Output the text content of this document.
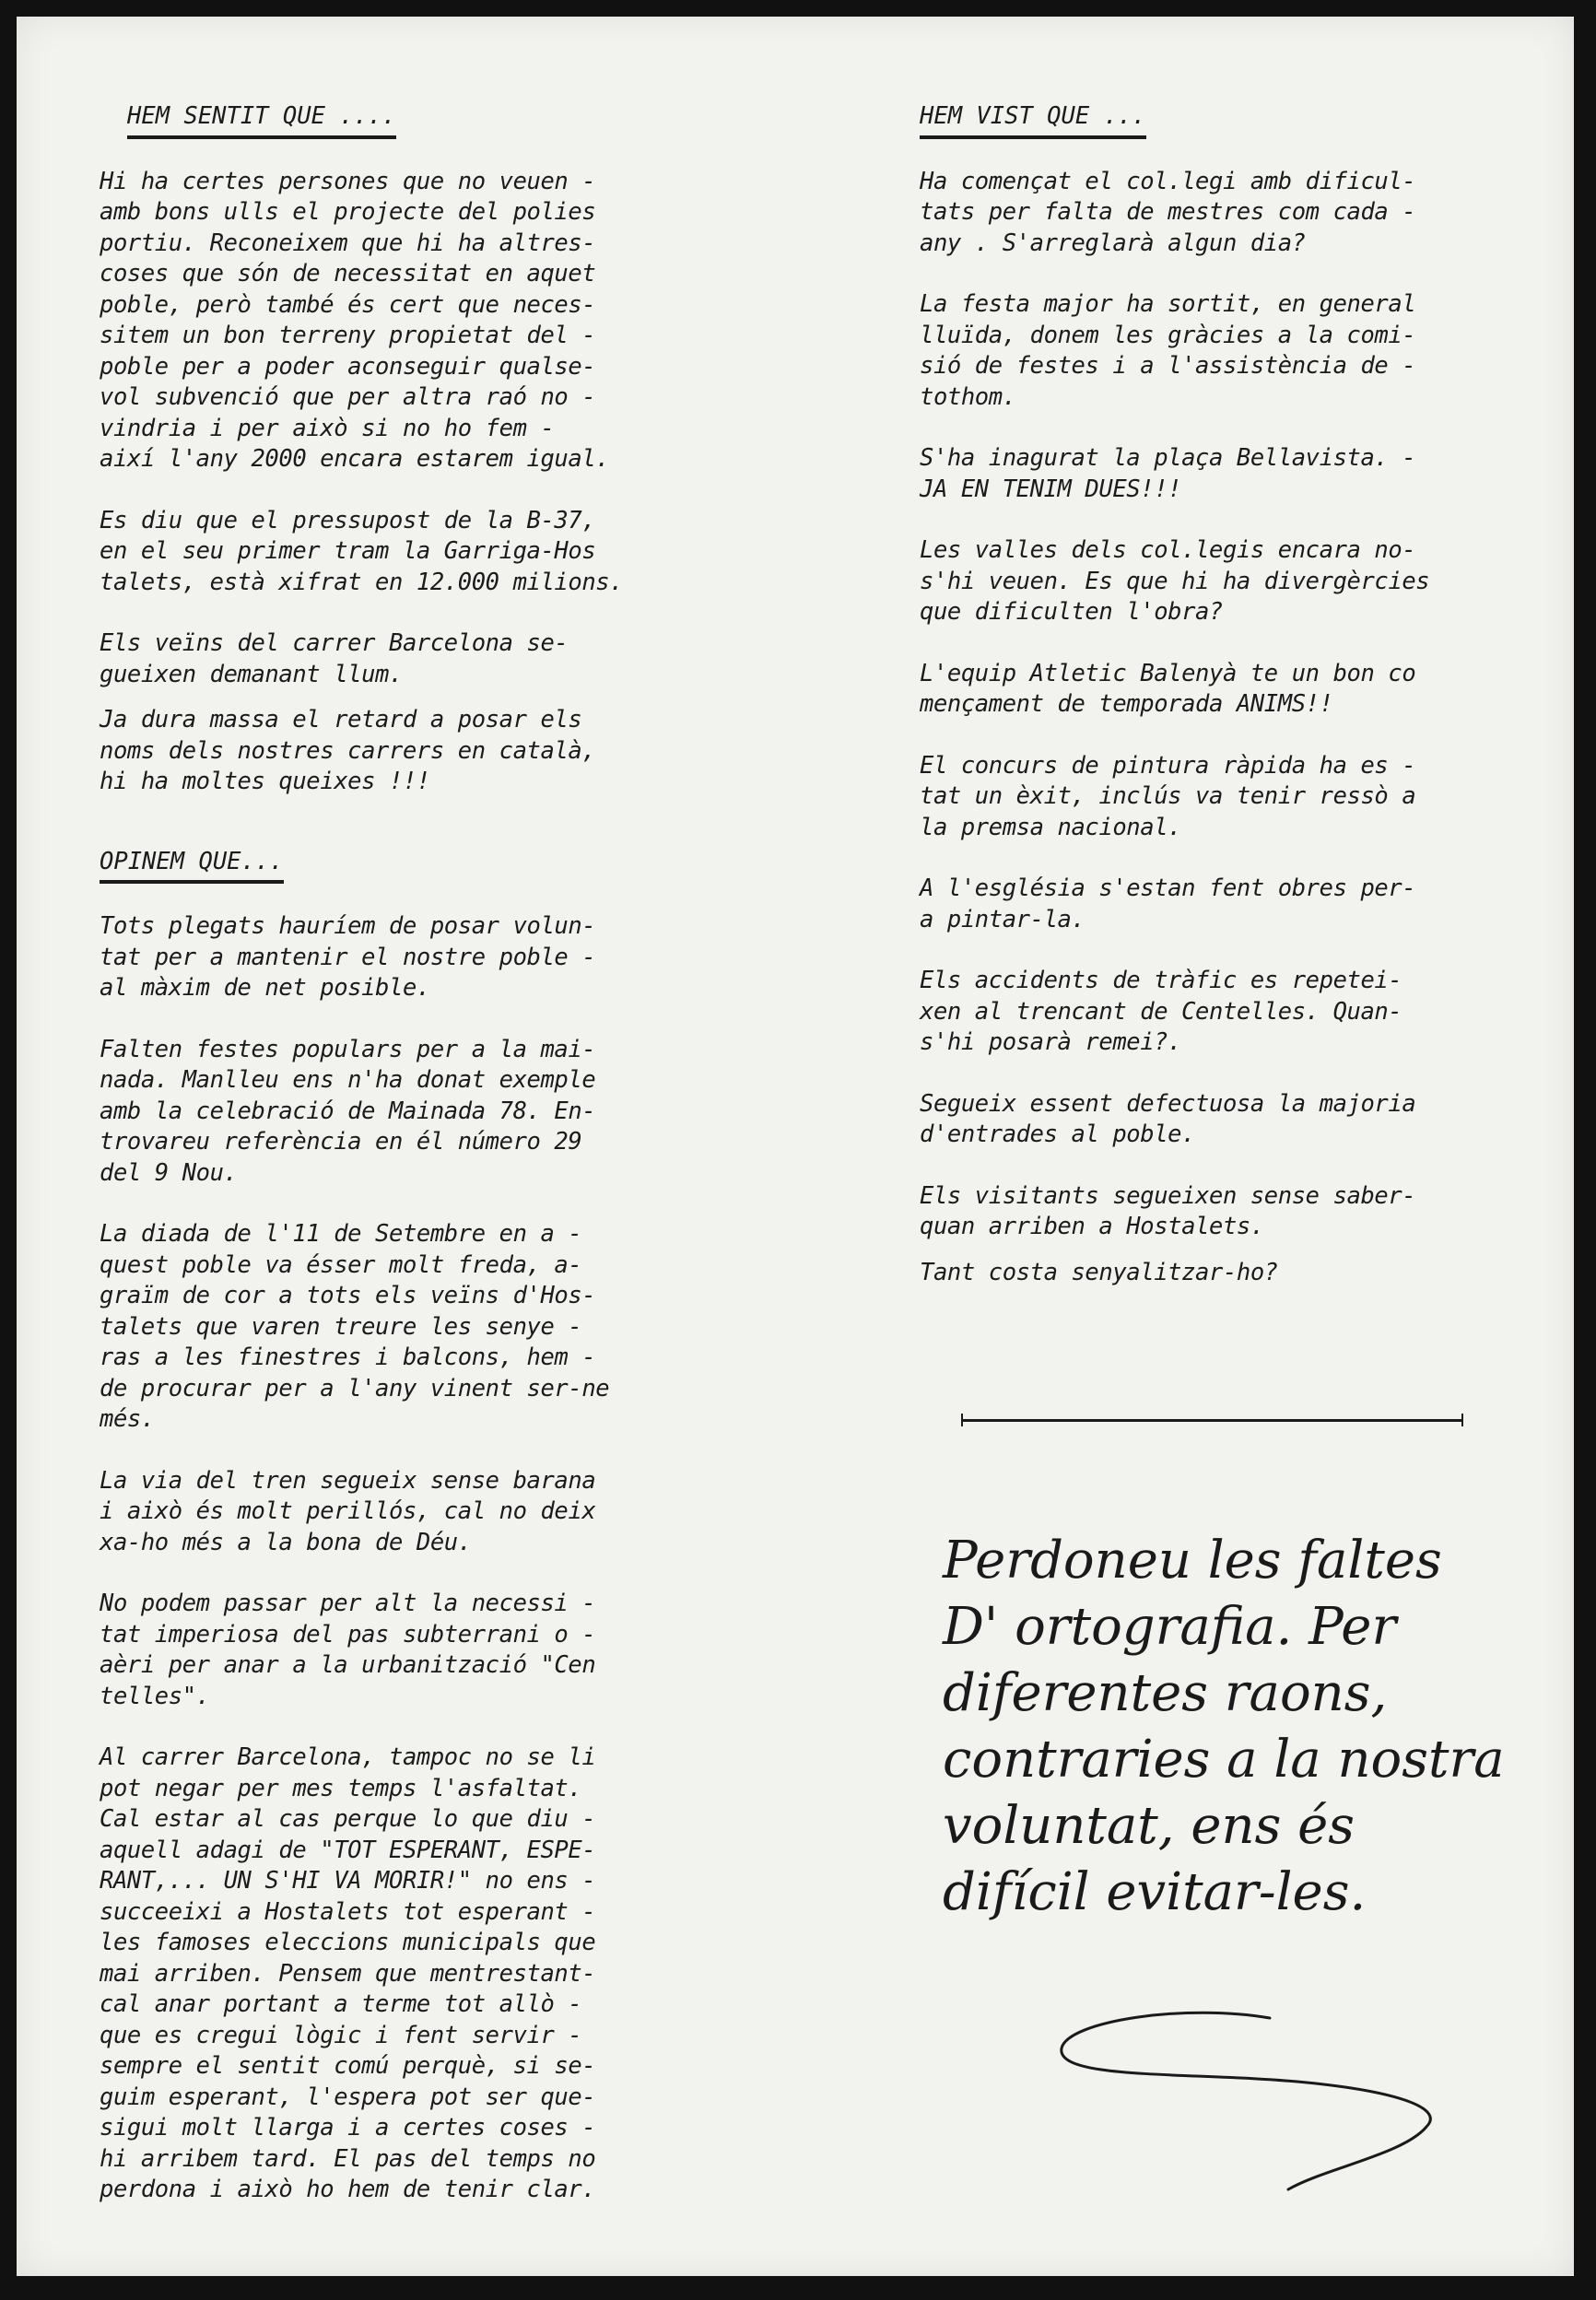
HEM SENTIT QUE ....
Hi ha certes persones que no veuen -
amb bons ulls el projecte del polies
portiu. Reconeixem que hi ha altres-
coses que són de necessitat en aquet
poble, però també és cert que neces-
sitem un bon terreny propietat del -
poble per a poder aconseguir qualse-
vol subvenció que per altra raó no -
vindria i per això si no ho fem -
així l'any 2000 encara estarem igual.
Es diu que el pressupost de la B-37,
en el seu primer tram la Garriga-Hos
talets, està xifrat en 12.000 milions.
Els veïns del carrer Barcelona se-
gueixen demanant llum.
Ja dura massa el retard a posar els
noms dels nostres carrers en català,
hi ha moltes queixes !!!
OPINEM QUE...
Tots plegats hauríem de posar volun-
tat per a mantenir el nostre poble -
al màxim de net posible.
Falten festes populars per a la mai-
nada. Manlleu ens n'ha donat exemple
amb la celebració de Mainada 78. En-
trovareu referència en él número 29
del 9 Nou.
La diada de l'11 de Setembre en a -
quest poble va ésser molt freda, a-
graïm de cor a tots els veïns d'Hos-
talets que varen treure les senye -
ras a les finestres i balcons, hem -
de procurar per a l'any vinent ser-ne
més.
La via del tren segueix sense barana
i això és molt perillós, cal no deix
xa-ho més a la bona de Déu.
No podem passar per alt la necessi -
tat imperiosa del pas subterrani o -
aèri per anar a la urbanització "Cen
telles".
Al carrer Barcelona, tampoc no se li
pot negar per mes temps l'asfaltat.
Cal estar al cas perque lo que diu -
aquell adagi de "TOT ESPERANT, ESPE-
RANT,... UN S'HI VA MORIR!" no ens -
succeeixi a Hostalets tot esperant -
les famoses eleccions municipals que
mai arriben. Pensem que mentrestant-
cal anar portant a terme tot allò -
que es cregui lògic i fent servir -
sempre el sentit comú perquè, si se-
guim esperant, l'espera pot ser que-
sigui molt llarga i a certes coses -
hi arribem tard. El pas del temps no
perdona i això ho hem de tenir clar.
HEM VIST QUE ...
Ha començat el col.legi amb dificul-
tats per falta de mestres com cada -
any . S'arreglarà algun dia?
La festa major ha sortit, en general
lluïda, donem les gràcies a la comi-
sió de festes i a l'assistència de -
tothom.
S'ha inagurat la plaça Bellavista. -
JA EN TENIM DUES!!!
Les valles dels col.legis encara no-
s'hi veuen. Es que hi ha divergèrcies
que dificulten l'obra?
L'equip Atletic Balenyà te un bon co
mençament de temporada ANIMS!!
El concurs de pintura ràpida ha es -
tat un èxit, inclús va tenir ressò a
la premsa nacional.
A l'església s'estan fent obres per-
a pintar-la.
Els accidents de tràfic es repetei-
xen al trencant de Centelles. Quan-
s'hi posarà remei?.
Segueix essent defectuosa la majoria
d'entrades al poble.
Els visitants segueixen sense saber-
quan arriben a Hostalets.
Tant costa senyalitzar-ho?
Perdoneu les faltes
D' ortografia. Per
diferentes raons,
contraries a la nostra
voluntat, ens és
difícil evitar-les.
